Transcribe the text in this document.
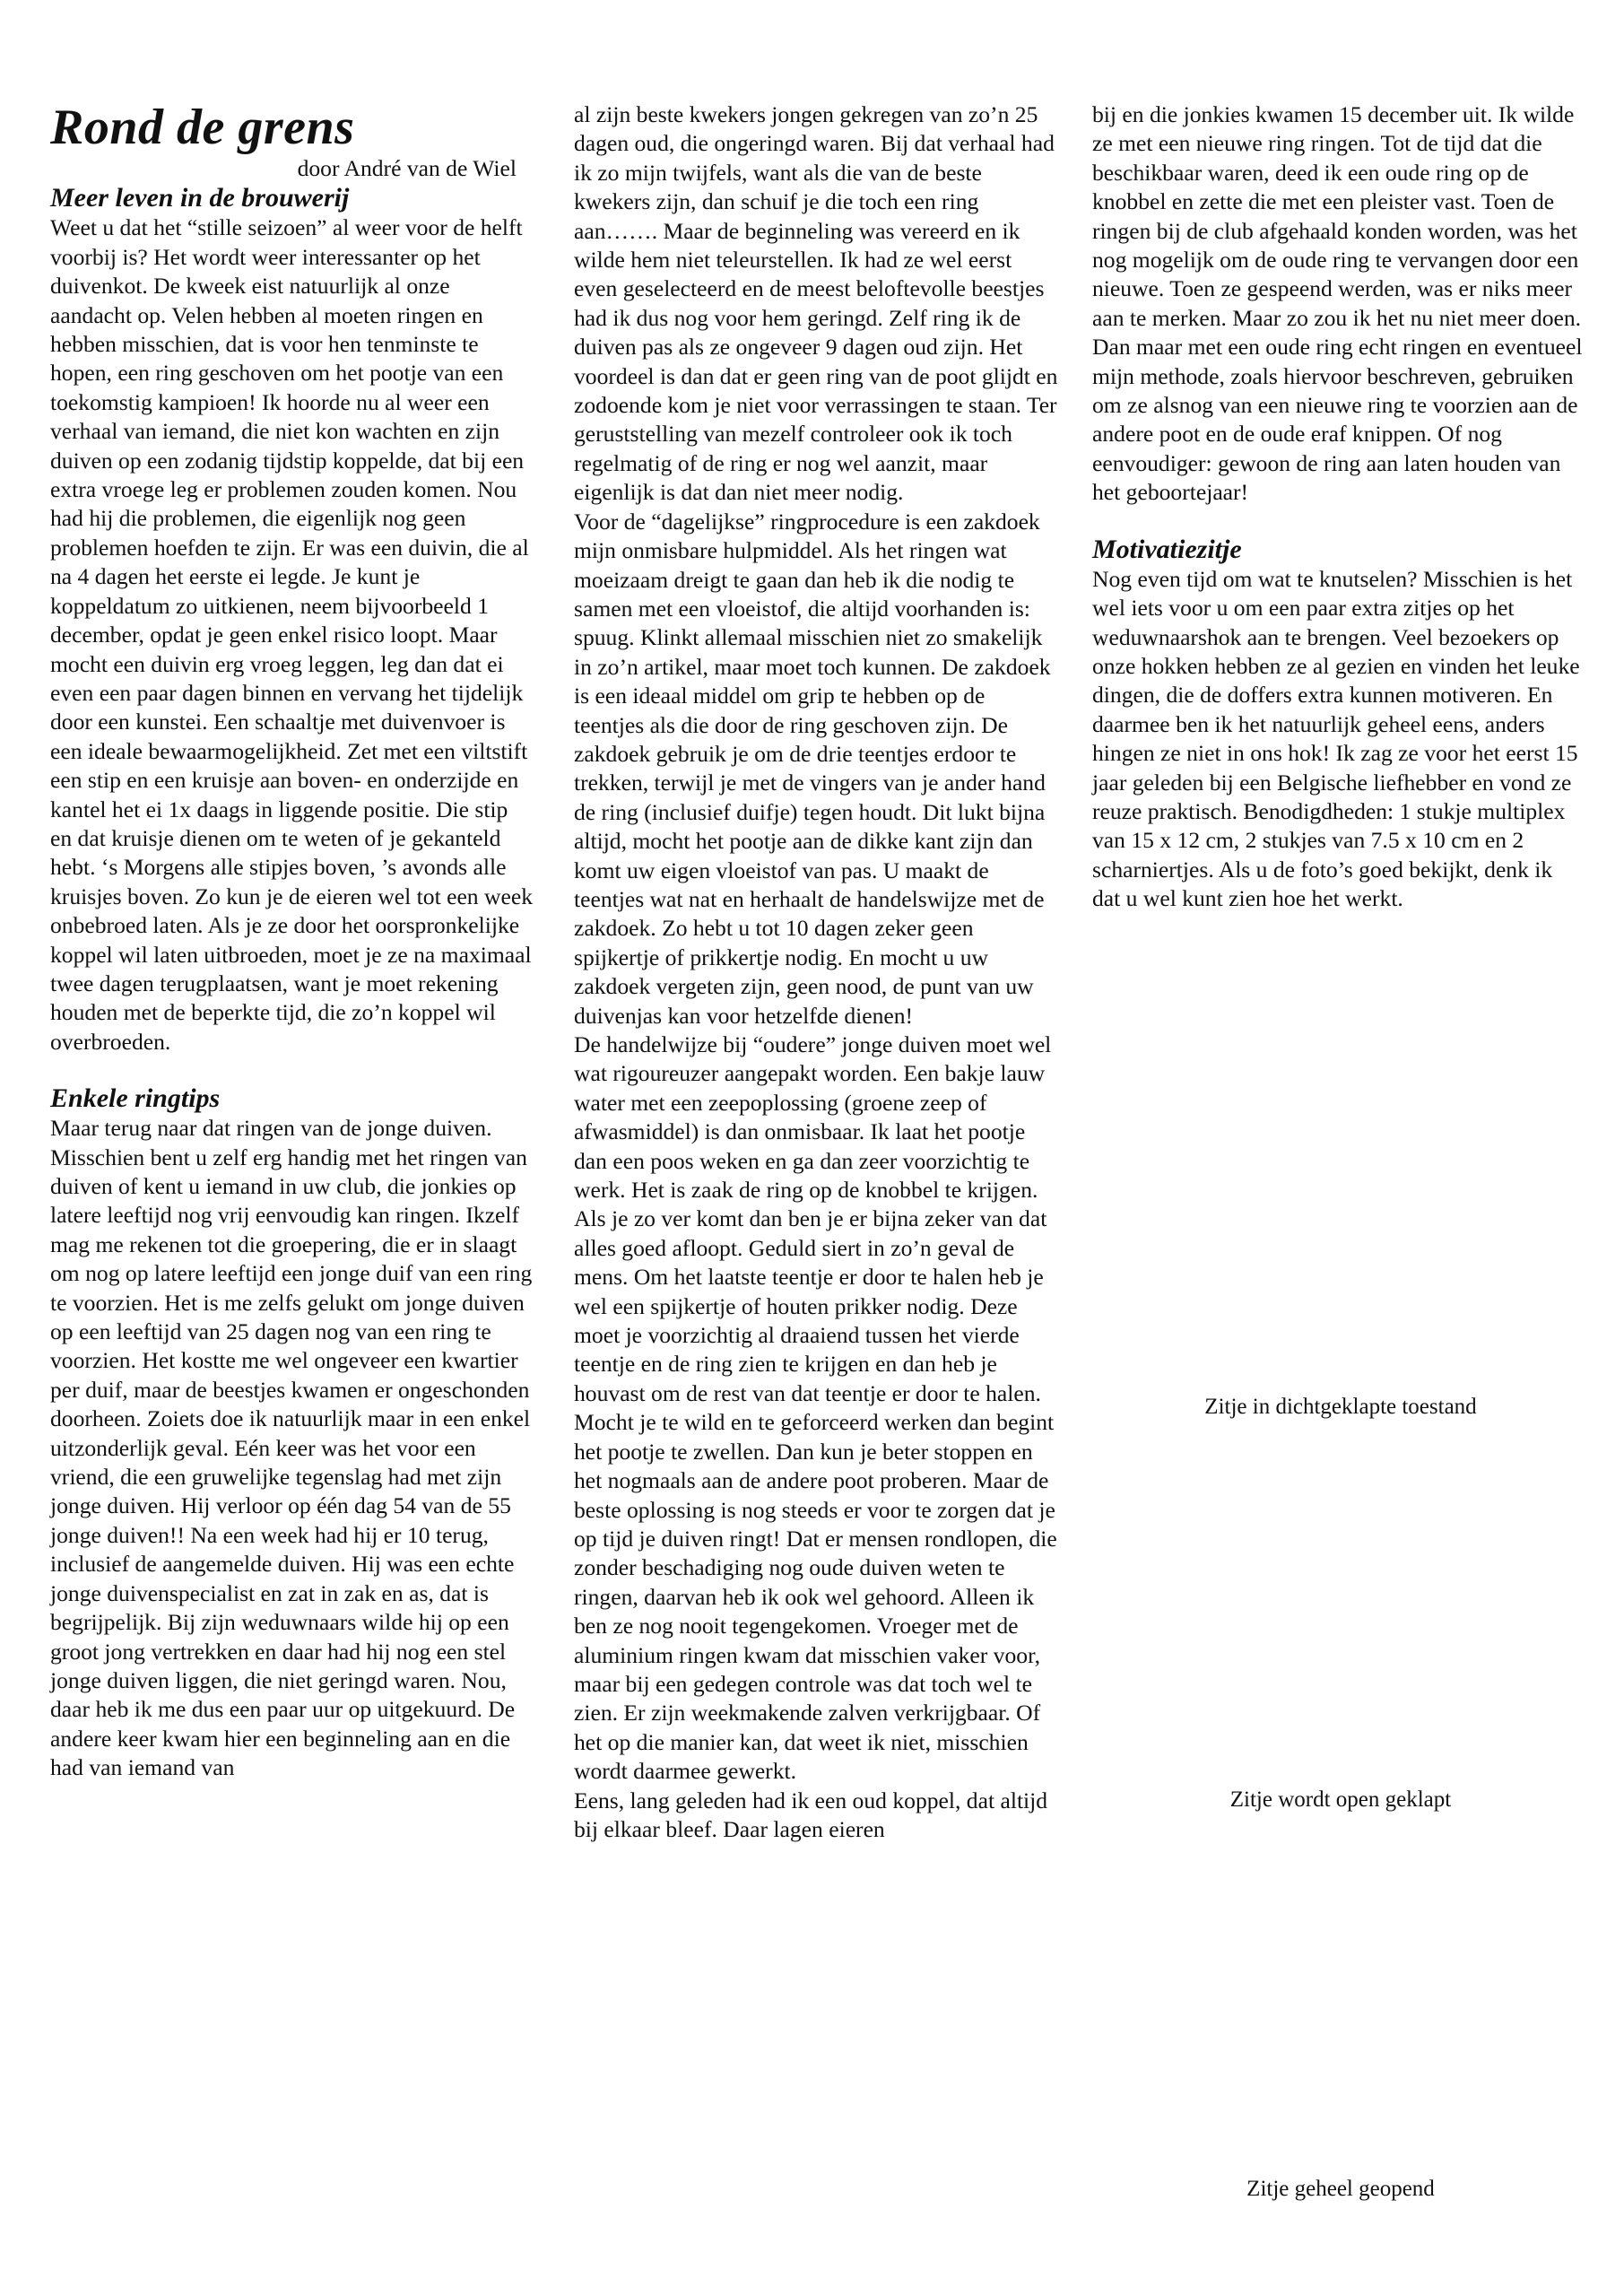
Rond de grens

door André van de Wiel

Meer leven in de brouwerij

Weet u dat het “stille seizoen” al weer voor de helft voorbij is? Het wordt weer interessanter op het duivenkot. De kweek eist natuurlijk al onze aandacht op. Velen hebben al moeten ringen en hebben misschien, dat is voor hen tenminste te hopen, een ring geschoven om het pootje van een toekomstig kampioen! Ik hoorde nu al weer een verhaal van iemand, die niet kon wachten en zijn duiven op een zodanig tijdstip koppelde, dat bij een extra vroege leg er problemen zouden komen. Nou had hij die problemen, die eigenlijk nog geen problemen hoefden te zijn. Er was een duivin, die al na 4 dagen het eerste ei legde. Je kunt je koppeldatum zo uitkienen, neem bijvoorbeeld 1 december, opdat je geen enkel risico loopt. Maar mocht een duivin erg vroeg leggen, leg dan dat ei even een paar dagen binnen en vervang het tijdelijk door een kunstei. Een schaaltje met duivenvoer is een ideale bewaarmogelijkheid. Zet met een viltstift een stip en een kruisje aan boven- en onderzijde en kantel het ei 1x daags in liggende positie. Die stip en dat kruisje dienen om te weten of je gekanteld hebt. ‘s Morgens alle stipjes boven, ’s avonds alle kruisjes boven. Zo kun je de eieren wel tot een week onbebroed laten. Als je ze door het oorspronkelijke koppel wil laten uitbroeden, moet je ze na maximaal twee dagen terugplaatsen, want je moet rekening houden met de beperkte tijd, die zo’n koppel wil overbroeden.

Enkele ringtips

Maar terug naar dat ringen van de jonge duiven. Misschien bent u zelf erg handig met het ringen van duiven of kent u iemand in uw club, die jonkies op latere leeftijd nog vrij eenvoudig kan ringen. Ikzelf mag me rekenen tot die groepering, die er in slaagt om nog op latere leeftijd een jonge duif van een ring te voorzien. Het is me zelfs gelukt om jonge duiven op een leeftijd van 25 dagen nog van een ring te voorzien. Het kostte me wel ongeveer een kwartier per duif, maar de beestjes kwamen er ongeschonden doorheen. Zoiets doe ik natuurlijk maar in een enkel uitzonderlijk geval. Eén keer was het voor een vriend, die een gruwelijke tegenslag had met zijn jonge duiven. Hij verloor op één dag 54 van de 55 jonge duiven!! Na een week had hij er 10 terug, inclusief de aangemelde duiven. Hij was een echte jonge duivenspecialist en zat in zak en as, dat is begrijpelijk. Bij zijn weduwnaars wilde hij op een groot jong vertrekken en daar had hij nog een stel jonge duiven liggen, die niet geringd waren. Nou, daar heb ik me dus een paar uur op uitgekuurd. De andere keer kwam hier een beginneling aan en die had van iemand van

al zijn beste kwekers jongen gekregen van zo’n 25 dagen oud, die ongeringd waren. Bij dat verhaal had ik zo mijn twijfels, want als die van de beste kwekers zijn, dan schuif je die toch een ring aan……. Maar de beginneling was vereerd en ik wilde hem niet teleurstellen. Ik had ze wel eerst even geselecteerd en de meest beloftevolle beestjes had ik dus nog voor hem geringd. Zelf ring ik de duiven pas als ze ongeveer 9 dagen oud zijn. Het voordeel is dan dat er geen ring van de poot glijdt en zodoende kom je niet voor verrassingen te staan. Ter geruststelling van mezelf controleer ook ik toch regelmatig of de ring er nog wel aanzit, maar eigenlijk is dat dan niet meer nodig.

Voor de “dagelijkse” ringprocedure is een zakdoek mijn onmisbare hulpmiddel. Als het ringen wat moeizaam dreigt te gaan dan heb ik die nodig te samen met een vloeistof, die altijd voorhanden is: spuug. Klinkt allemaal misschien niet zo smakelijk in zo’n artikel, maar moet toch kunnen. De zakdoek is een ideaal middel om grip te hebben op de teentjes als die door de ring geschoven zijn. De zakdoek gebruik je om de drie teentjes erdoor te trekken, terwijl je met de vingers van je ander hand de ring (inclusief duifje) tegen houdt. Dit lukt bijna altijd, mocht het pootje aan de dikke kant zijn dan komt uw eigen vloeistof van pas. U maakt de teentjes wat nat en herhaalt de handelswijze met de zakdoek. Zo hebt u tot 10 dagen zeker geen spijkertje of prikkertje nodig. En mocht u uw zakdoek vergeten zijn, geen nood, de punt van uw duivenjas kan voor hetzelfde dienen!

De handelwijze bij “oudere” jonge duiven moet wel wat rigoureuzer aangepakt worden. Een bakje lauw water met een zeepoplossing (groene zeep of afwasmiddel) is dan onmisbaar. Ik laat het pootje dan een poos weken en ga dan zeer voorzichtig te werk. Het is zaak de ring op de knobbel te krijgen. Als je zo ver komt dan ben je er bijna zeker van dat alles goed afloopt. Geduld siert in zo’n geval de mens. Om het laatste teentje er door te halen heb je wel een spijkertje of houten prikker nodig. Deze moet je voorzichtig al draaiend tussen het vierde teentje en de ring zien te krijgen en dan heb je houvast om de rest van dat teentje er door te halen. Mocht je te wild en te geforceerd werken dan begint het pootje te zwellen. Dan kun je beter stoppen en het nogmaals aan de andere poot proberen. Maar de beste oplossing is nog steeds er voor te zorgen dat je op tijd je duiven ringt! Dat er mensen rondlopen, die zonder beschadiging nog oude duiven weten te ringen, daarvan heb ik ook wel gehoord. Alleen ik ben ze nog nooit tegengekomen. Vroeger met de aluminium ringen kwam dat misschien vaker voor, maar bij een gedegen controle was dat toch wel te zien. Er zijn weekmakende zalven verkrijgbaar. Of het op die manier kan, dat weet ik niet, misschien wordt daarmee gewerkt.

Eens, lang geleden had ik een oud koppel, dat altijd bij elkaar bleef. Daar lagen eieren

bij en die jonkies kwamen 15 december uit. Ik wilde ze met een nieuwe ring ringen. Tot de tijd dat die beschikbaar waren, deed ik een oude ring op de knobbel en zette die met een pleister vast. Toen de ringen bij de club afgehaald konden worden, was het nog mogelijk om de oude ring te vervangen door een nieuwe. Toen ze gespeend werden, was er niks meer aan te merken. Maar zo zou ik het nu niet meer doen. Dan maar met een oude ring echt ringen en eventueel mijn methode, zoals hiervoor beschreven, gebruiken om ze alsnog van een nieuwe ring te voorzien aan de andere poot en de oude eraf knippen. Of nog eenvoudiger: gewoon de ring aan laten houden van het geboortejaar!

Motivatiezitje

Nog even tijd om wat te knutselen? Misschien is het wel iets voor u om een paar extra zitjes op het weduwnaarshok aan te brengen. Veel bezoekers op onze hokken hebben ze al gezien en vinden het leuke dingen, die de doffers extra kunnen motiveren. En daarmee ben ik het natuurlijk geheel eens, anders hingen ze niet in ons hok! Ik zag ze voor het eerst 15 jaar geleden bij een Belgische liefhebber en vond ze reuze praktisch. Benodigdheden: 1 stukje multiplex van 15 x 12 cm, 2 stukjes van 7.5 x 10 cm en 2 scharniertjes. Als u de foto’s goed bekijkt, denk ik dat u wel kunt zien hoe het werkt.

Zitje in dichtgeklapte toestand
Zitje wordt open geklapt
Zitje geheel geopend
